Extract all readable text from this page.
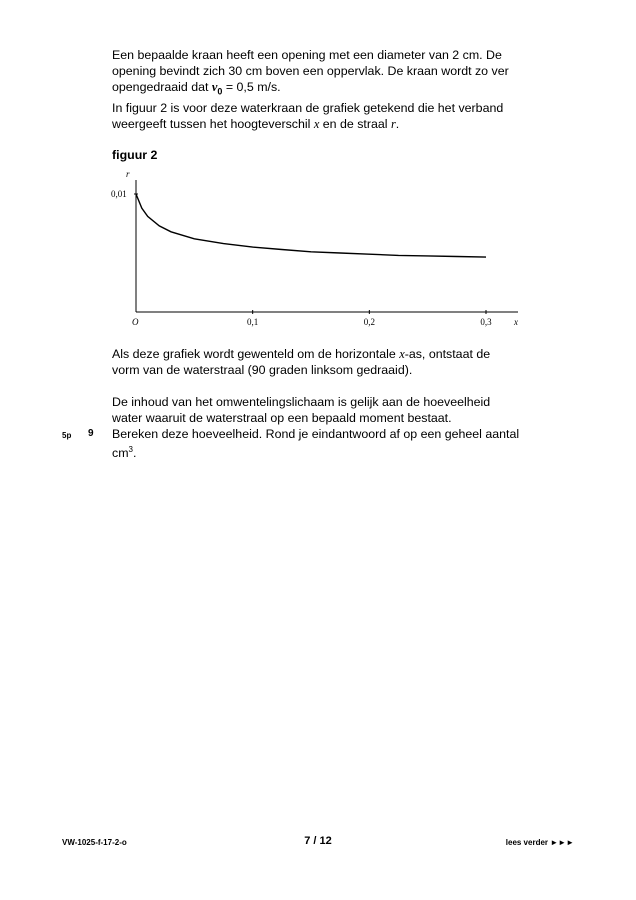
Een bepaalde kraan heeft een opening met een diameter van 2 cm. De
opening bevindt zich 30 cm boven een oppervlak. De kraan wordt zo ver
opengedraaid dat $v_0 = 0,5$ m/s.

In figuur 2 is voor deze waterkraan de grafiek getekend die het verband
weergeeft tussen het hoogteverschil x en de straal r.

figuur 2
r
x
O
0,01
0,1	0,2	0,3

Als deze grafiek wordt gewenteld om de horizontale x-as, ontstaat de
vorm van de waterstraal (90 graden linksom gedraaid).

De inhoud van het omwentelingslichaam is gelijk aan de hoeveelheid
water waaruit de waterstraal op een bepaald moment bestaat.

5p 9 Bereken deze hoeveelheid. Rond je eindantwoord af op een geheel aantal
$cm^3$.

VW-1025-f-17-2-o	7 / 12	lees verder ►►►
